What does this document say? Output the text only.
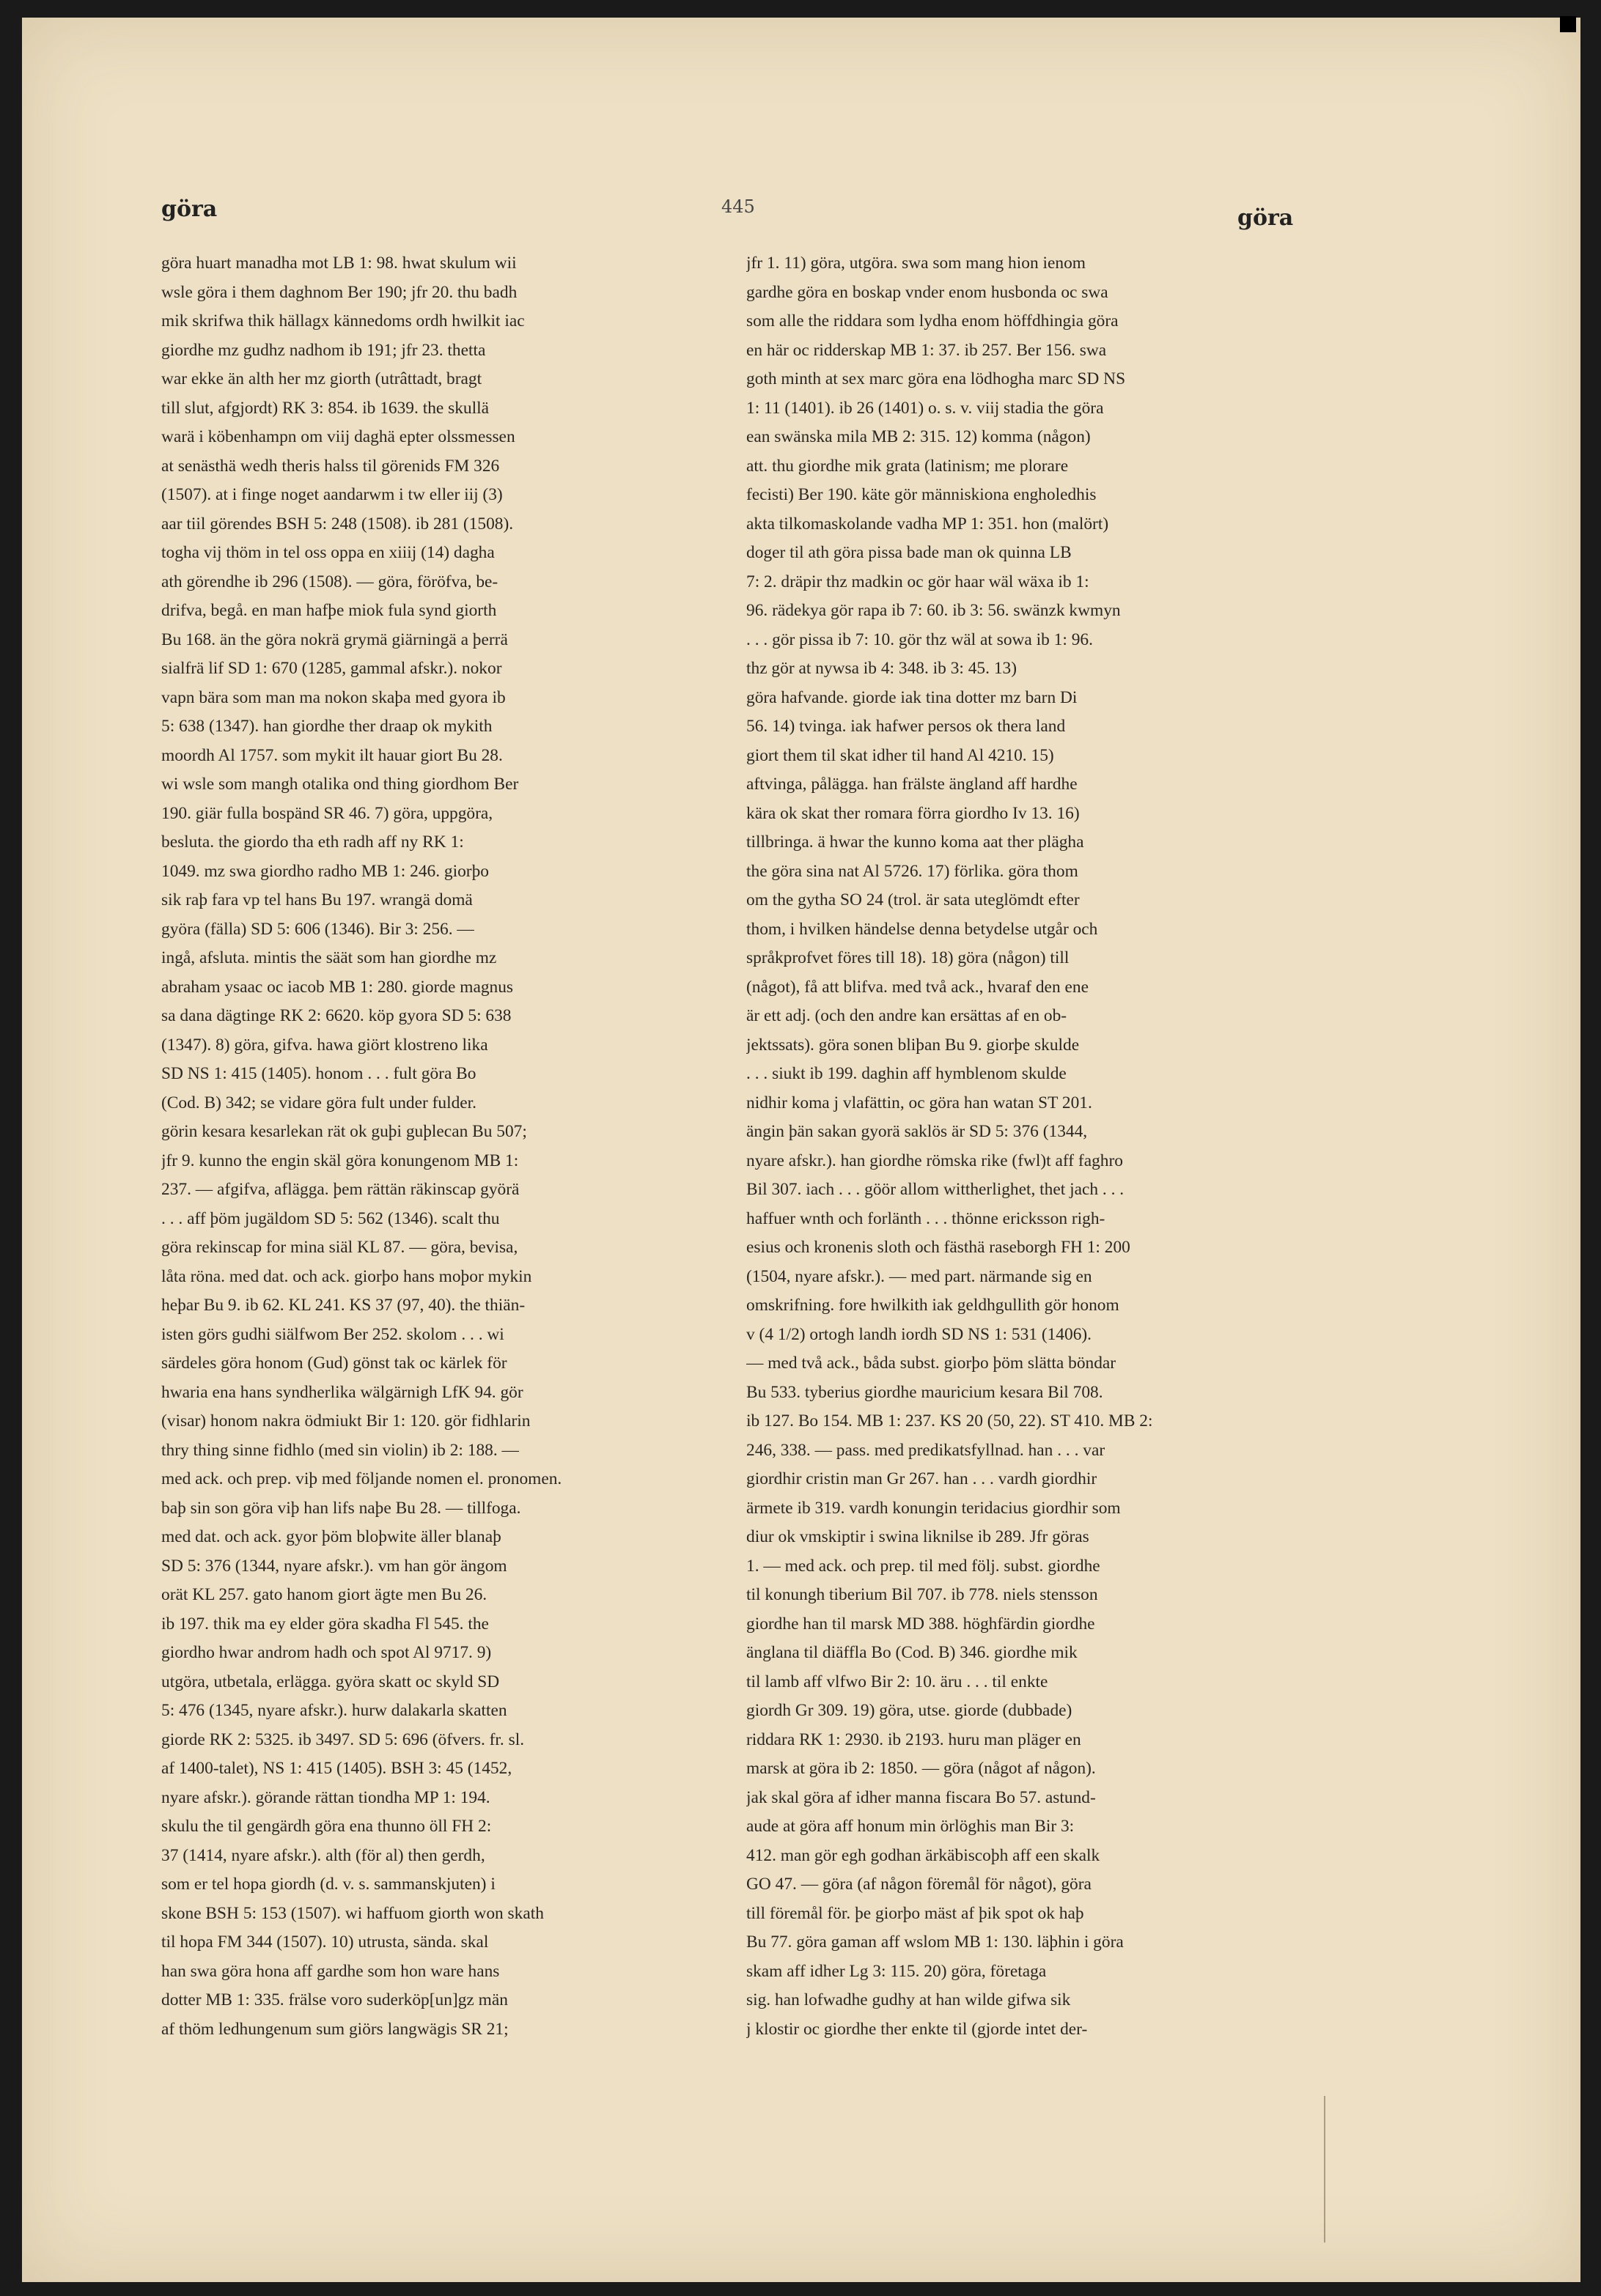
göra	445	göra
göra huart manadha mot LB 1: 98. hwat skulum wii
wsle göra i them daghnom Ber 190; jfr 20. thu badh
mik skrifwa thik hällagx kännedoms ordh hwilkit iac
giordhe mz gudhz nadhom ib 191; jfr 23. thetta
war ekke än alth her mz giorth (utrâttadt, bragt
till slut, afgjordt) RK 3: 854. ib 1639. the skullä
warä i köbenhampn om viij daghä epter olssmessen
at senästhä wedh theris halss til görenids FM 326
(1507). at i finge noget aandarwm i tw eller iij (3)
aar tiil görendes BSH 5: 248 (1508). ib 281 (1508).
togha vij thöm in tel oss oppa en xiiij (14) dagha
ath görendhe ib 296 (1508). — göra, föröfva, be-
drifva, begå. en man hafþe miok fula synd giorth
Bu 168. än the göra nokrä grymä giärningä a þerrä
sialfrä lif SD 1: 670 (1285, gammal afskr.). nokor
vapn bära som man ma nokon skaþa med gyora ib
5: 638 (1347). han giordhe ther draap ok mykith
moordh Al 1757. som mykit ilt hauar giort Bu 28.
wi wsle som mangh otalika ond thing giordhom Ber
190. giär fulla bospänd SR 46. 7) göra, uppgöra,
besluta. the giordo tha eth radh aff ny RK 1:
1049. mz swa giordho radho MB 1: 246. giorþo
sik raþ fara vp tel hans Bu 197. wrangä domä
györa (fälla) SD 5: 606 (1346). Bir 3: 256. —
ingå, afsluta. mintis the säät som han giordhe mz
abraham ysaac oc iacob MB 1: 280. giorde magnus
sa dana dägtinge RK 2: 6620. köp gyora SD 5: 638
(1347). 8) göra, gifva. hawa giört klostreno lika
SD NS 1: 415 (1405). honom . . . fult göra Bo
(Cod. B) 342; se vidare göra fult under fulder.
görin kesara kesarlekan rät ok guþi guþlecan Bu 507;
jfr 9. kunno the engin skäl göra konungenom MB 1:
237. — afgifva, aflägga. þem rättän räkinscap györä
. . . aff þöm jugäldom SD 5: 562 (1346). scalt thu
göra rekinscap for mina siäl KL 87. — göra, bevisa,
låta röna. med dat. och ack. giorþo hans moþor mykin
heþar Bu 9. ib 62. KL 241. KS 37 (97, 40). the thiän-
isten görs gudhi siälfwom Ber 252. skolom . . . wi
särdeles göra honom (Gud) gönst tak oc kärlek för
hwaria ena hans syndherlika wälgärnigh LfK 94. gör
(visar) honom nakra ödmiukt Bir 1: 120. gör fidhlarin
thry thing sinne fidhlo (med sin violin) ib 2: 188. —
med ack. och prep. viþ med följande nomen el. pronomen.
baþ sin son göra viþ han lifs naþe Bu 28. — tillfoga.
med dat. och ack. gyor þöm bloþwite äller blanaþ
SD 5: 376 (1344, nyare afskr.). vm han gör ängom
orät KL 257. gato hanom giort ägte men Bu 26.
ib 197. thik ma ey elder göra skadha Fl 545. the
giordho hwar androm hadh och spot Al 9717. 9)
utgöra, utbetala, erlägga. györa skatt oc skyld SD
5: 476 (1345, nyare afskr.). hurw dalakarla skatten
giorde RK 2: 5325. ib 3497. SD 5: 696 (öfvers. fr. sl.
af 1400-talet), NS 1: 415 (1405). BSH 3: 45 (1452,
nyare afskr.). görande rättan tiondha MP 1: 194.
skulu the til gengärdh göra ena thunno öll FH 2:
37 (1414, nyare afskr.). alth (för al) then gerdh,
som er tel hopa giordh (d. v. s. sammanskjuten) i
skone BSH 5: 153 (1507). wi haffuom giorth won skath
til hopa FM 344 (1507). 10) utrusta, sända. skal
han swa göra hona aff gardhe som hon ware hans
dotter MB 1: 335. frälse voro suderköp[un]gz män
af thöm ledhungenum sum giörs langwägis SR 21;
jfr 1. 11) göra, utgöra. swa som mang hion ienom
gardhe göra en boskap vnder enom husbonda oc swa
som alle the riddara som lydha enom höffdhingia göra
en här oc ridderskap MB 1: 37. ib 257. Ber 156. swa
goth minth at sex marc göra ena lödhogha marc SD NS
1: 11 (1401). ib 26 (1401) o. s. v. viij stadia the göra
ean swänska mila MB 2: 315. 12) komma (någon)
att. thu giordhe mik grata (latinism; me plorare
fecisti) Ber 190. käte gör människiona engholedhis
akta tilkomaskolande vadha MP 1: 351. hon (malört)
doger til ath göra pissa bade man ok quinna LB
7: 2. dräpir thz madkin oc gör haar wäl wäxa ib 1:
96. rädekya gör rapa ib 7: 60. ib 3: 56. swänzk kwmyn
. . . gör pissa ib 7: 10. gör thz wäl at sowa ib 1: 96.
thz gör at nywsa ib 4: 348. ib 3: 45. 13)
göra hafvande. giorde iak tina dotter mz barn Di
56. 14) tvinga. iak hafwer persos ok thera land
giort them til skat idher til hand Al 4210. 15)
aftvinga, pålägga. han frälste ängland aff hardhe
kära ok skat ther romara förra giordho Iv 13. 16)
tillbringa. ä hwar the kunno koma aat ther plägha
the göra sina nat Al 5726. 17) förlika. göra thom
om the gytha SO 24 (trol. är sata uteglömdt efter
thom, i hvilken händelse denna betydelse utgår och
språkprofvet föres till 18). 18) göra (någon) till
(något), få att blifva. med två ack., hvaraf den ene
är ett adj. (och den andre kan ersättas af en ob-
jektssats). göra sonen bliþan Bu 9. giorþe skulde
. . . siukt ib 199. daghin aff hymblenom skulde
nidhir koma j vlafättin, oc göra han watan ST 201.
ängin þän sakan gyorä saklös är SD 5: 376 (1344,
nyare afskr.). han giordhe römska rike (fwl)t aff faghro
Bil 307. iach . . . göör allom wittherlighet, thet jach . . .
haffuer wnth och forlänth . . . thönne ericksson righ-
esius och kronenis sloth och fästhä raseborgh FH 1: 200
(1504, nyare afskr.). — med part. närmande sig en
omskrifning. fore hwilkith iak geldhgullith gör honom
v (4 1/2) ortogh landh iordh SD NS 1: 531 (1406).
— med två ack., båda subst. giorþo þöm slätta böndar
Bu 533. tyberius giordhe mauricium kesara Bil 708.
ib 127. Bo 154. MB 1: 237. KS 20 (50, 22). ST 410. MB 2:
246, 338. — pass. med predikatsfyllnad. han . . . var
giordhir cristin man Gr 267. han . . . vardh giordhir
ärmete ib 319. vardh konungin teridacius giordhir som
diur ok vmskiptir i swina liknilse ib 289. Jfr göras
1. — med ack. och prep. til med följ. subst. giordhe
til konungh tiberium Bil 707. ib 778. niels stensson
giordhe han til marsk MD 388. höghfärdin giordhe
änglana til diäffla Bo (Cod. B) 346. giordhe mik
til lamb aff vlfwo Bir 2: 10. äru . . . til enkte
giordh Gr 309. 19) göra, utse. giorde (dubbade)
riddara RK 1: 2930. ib 2193. huru man pläger en
marsk at göra ib 2: 1850. — göra (något af någon).
jak skal göra af idher manna fiscara Bo 57. astund-
aude at göra aff honum min örlöghis man Bir 3:
412. man gör egh godhan ärkäbiscoþh aff een skalk
GO 47. — göra (af någon föremål för något), göra
till föremål för. þe giorþo mäst af þik spot ok haþ
Bu 77. göra gaman aff wslom MB 1: 130. läþhin i göra
skam aff idher Lg 3: 115. 20) göra, företaga
sig. han lofwadhe gudhy at han wilde gifwa sik
j klostir oc giordhe ther enkte til (gjorde intet der-
